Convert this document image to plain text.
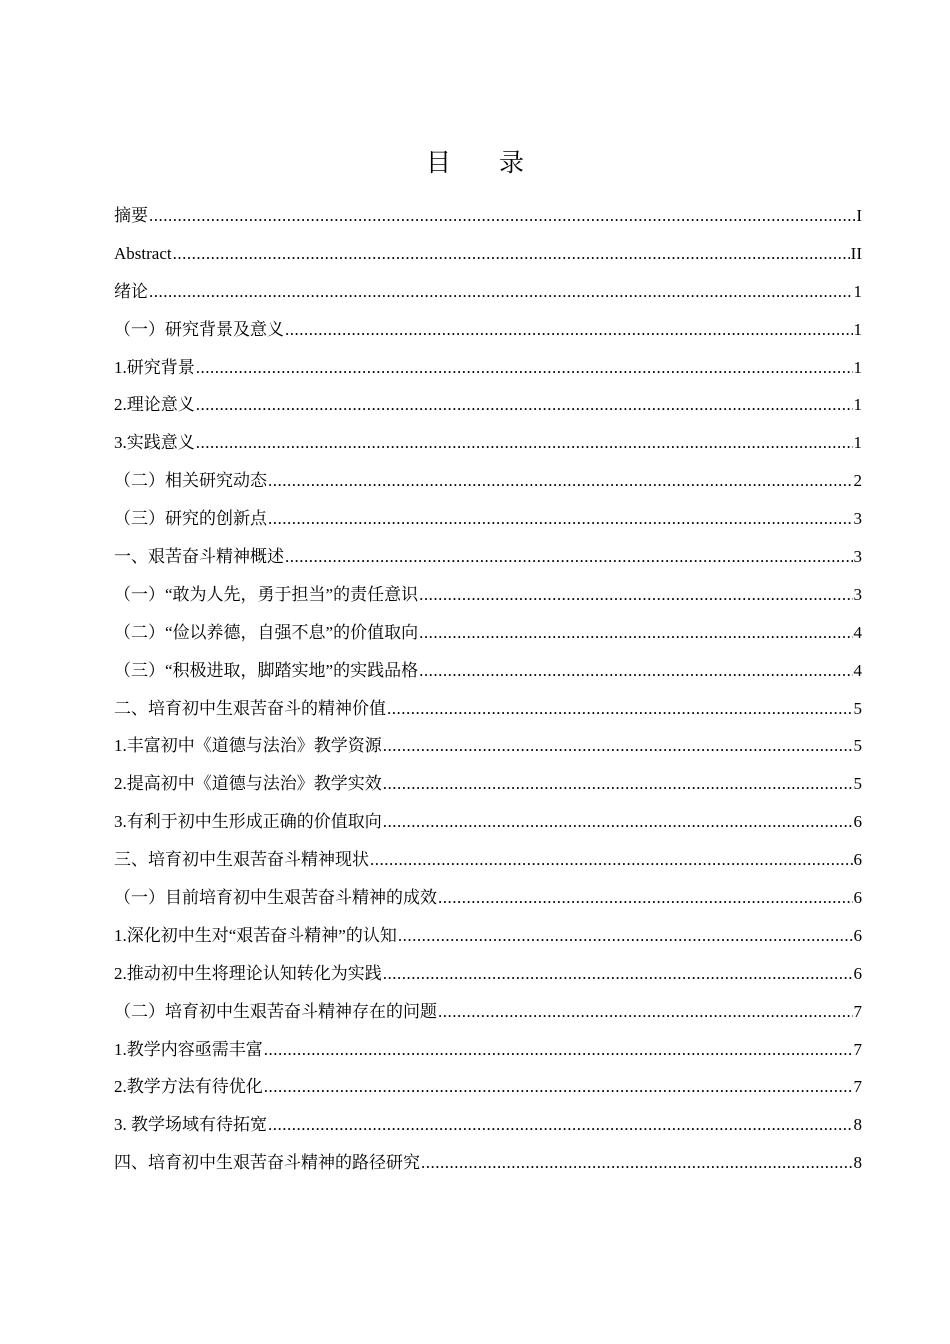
目 录
摘要 .....	I
Abstract .....	II
绪论 .....	1
（一）研究背景及意义 .....	1
1.研究背景 .....	1
2.理论意义 .....	1
3.实践意义 .....	1
（二）相关研究动态 .....	2
（三）研究的创新点 .....	3
一、艰苦奋斗精神概述 .....	3
（一）“敢为人先，勇于担当”的责任意识 .....	3
（二）“俭以养德，自强不息”的价值取向 .....	4
（三）“积极进取，脚踏实地”的实践品格 .....	4
二、培育初中生艰苦奋斗的精神价值 .....	5
1.丰富初中《道德与法治》教学资源 .....	5
2.提高初中《道德与法治》教学实效 .....	5
3.有利于初中生形成正确的价值取向 .....	6
三、培育初中生艰苦奋斗精神现状 .....	6
（一）目前培育初中生艰苦奋斗精神的成效 .....	6
1.深化初中生对“艰苦奋斗精神”的认知 .....	6
2.推动初中生将理论认知转化为实践 .....	6
（二）培育初中生艰苦奋斗精神存在的问题 .....	7
1.教学内容亟需丰富 .....	7
2.教学方法有待优化 .....	7
3. 教学场域有待拓宽 .....	8
四、培育初中生艰苦奋斗精神的路径研究 .....	8
